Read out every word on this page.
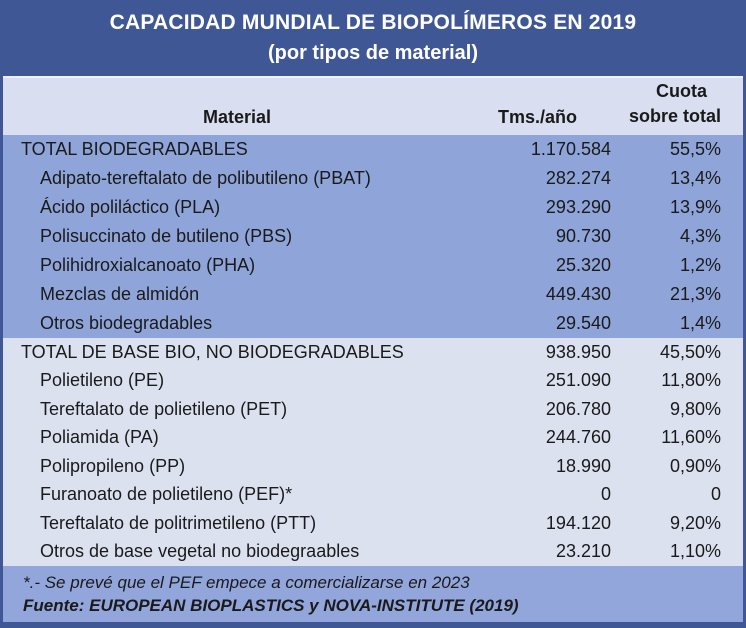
CAPACIDAD MUNDIAL DE BIOPOLÍMEROS EN 2019
(por tipos de material)
Material	Tms./año
Cuota
sobre total
TOTAL BIODEGRADABLES	1.170.584	55,5%
Adipato-tereftalato de polibutileno (PBAT)	282.274	13,4%
Ácido poliláctico (PLA)	293.290	13,9%
Polisuccinato de butileno (PBS)	90.730	4,3%
Polihidroxialcanoato (PHA)	25.320	1,2%
Mezclas de almidón	449.430	21,3%
Otros biodegradables	29.540	1,4%
TOTAL DE BASE BIO, NO BIODEGRADABLES	938.950	45,50%
Polietileno (PE)	251.090	11,80%
Tereftalato de polietileno (PET)	206.780	9,80%
Poliamida (PA)	244.760	11,60%
Polipropileno (PP)	18.990	0,90%
Furanoato de polietileno (PEF)*	0	0
Tereftalato de politrimetileno (PTT)	194.120	9,20%
Otros de base vegetal no biodegraables	23.210	1,10%
*.- Se prevé que el PEF empece a comercializarse en 2023
Fuente: EUROPEAN BIOPLASTICS y NOVA-INSTITUTE (2019)
